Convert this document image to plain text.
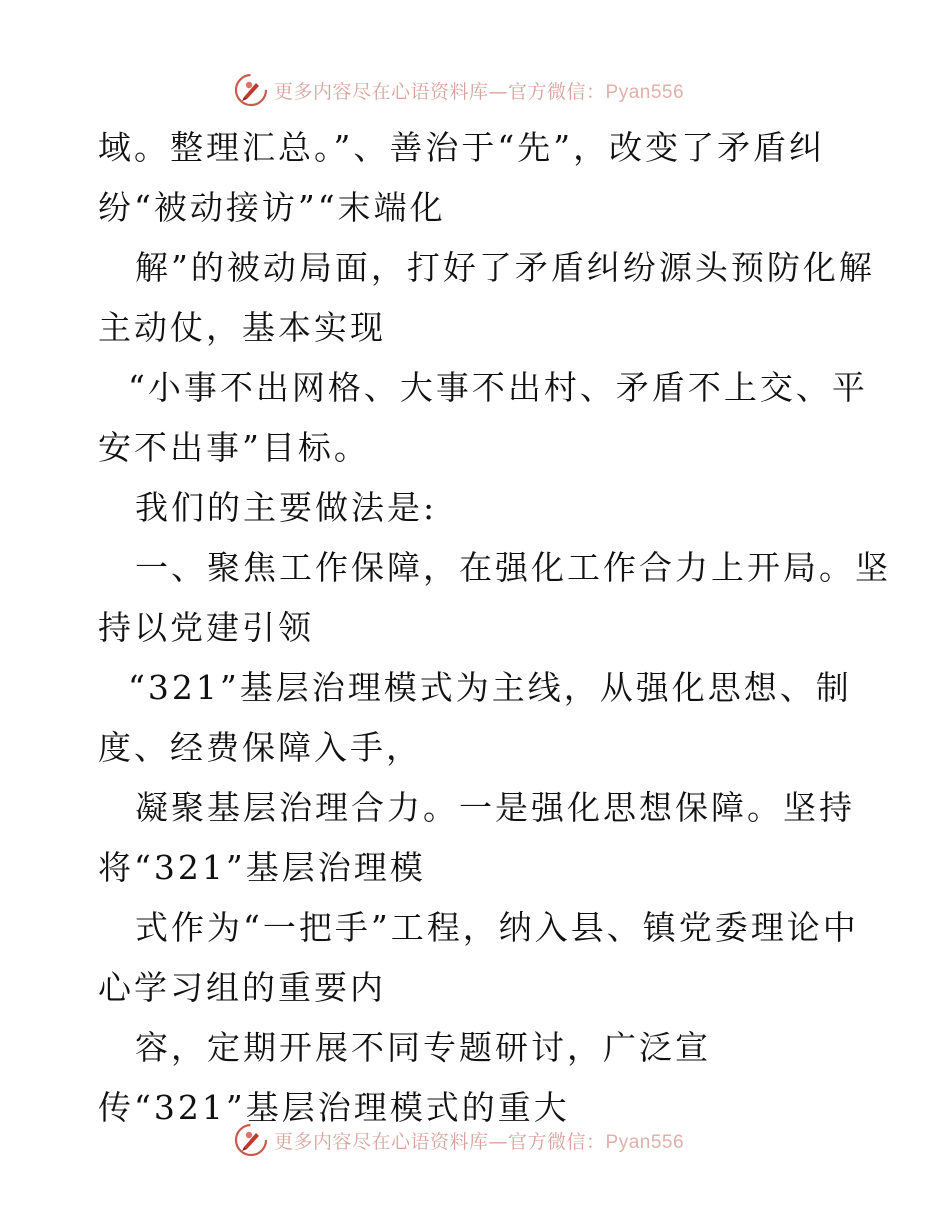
更多内容尽在心语资料库—官方微信：Pyan556
域。整理汇总。”、善治于“先”，改变了矛盾纠
纷“被动接访”“末端化
解”的被动局面，打好了矛盾纠纷源头预防化解
主动仗，基本实现
“小事不出网格、大事不出村、矛盾不上交、平
安不出事”目标。
我们的主要做法是:
一、聚焦工作保障，在强化工作合力上开局。坚
持以党建引领
“321”基层治理模式为主线，从强化思想、制
度、经费保障入手，
凝聚基层治理合力。一是强化思想保障。坚持
将“321”基层治理模
式作为“一把手”工程，纳入县、镇党委理论中
心学习组的重要内
容，定期开展不同专题研讨，广泛宣
传“321”基层治理模式的重大
更多内容尽在心语资料库—官方微信：Pyan556
